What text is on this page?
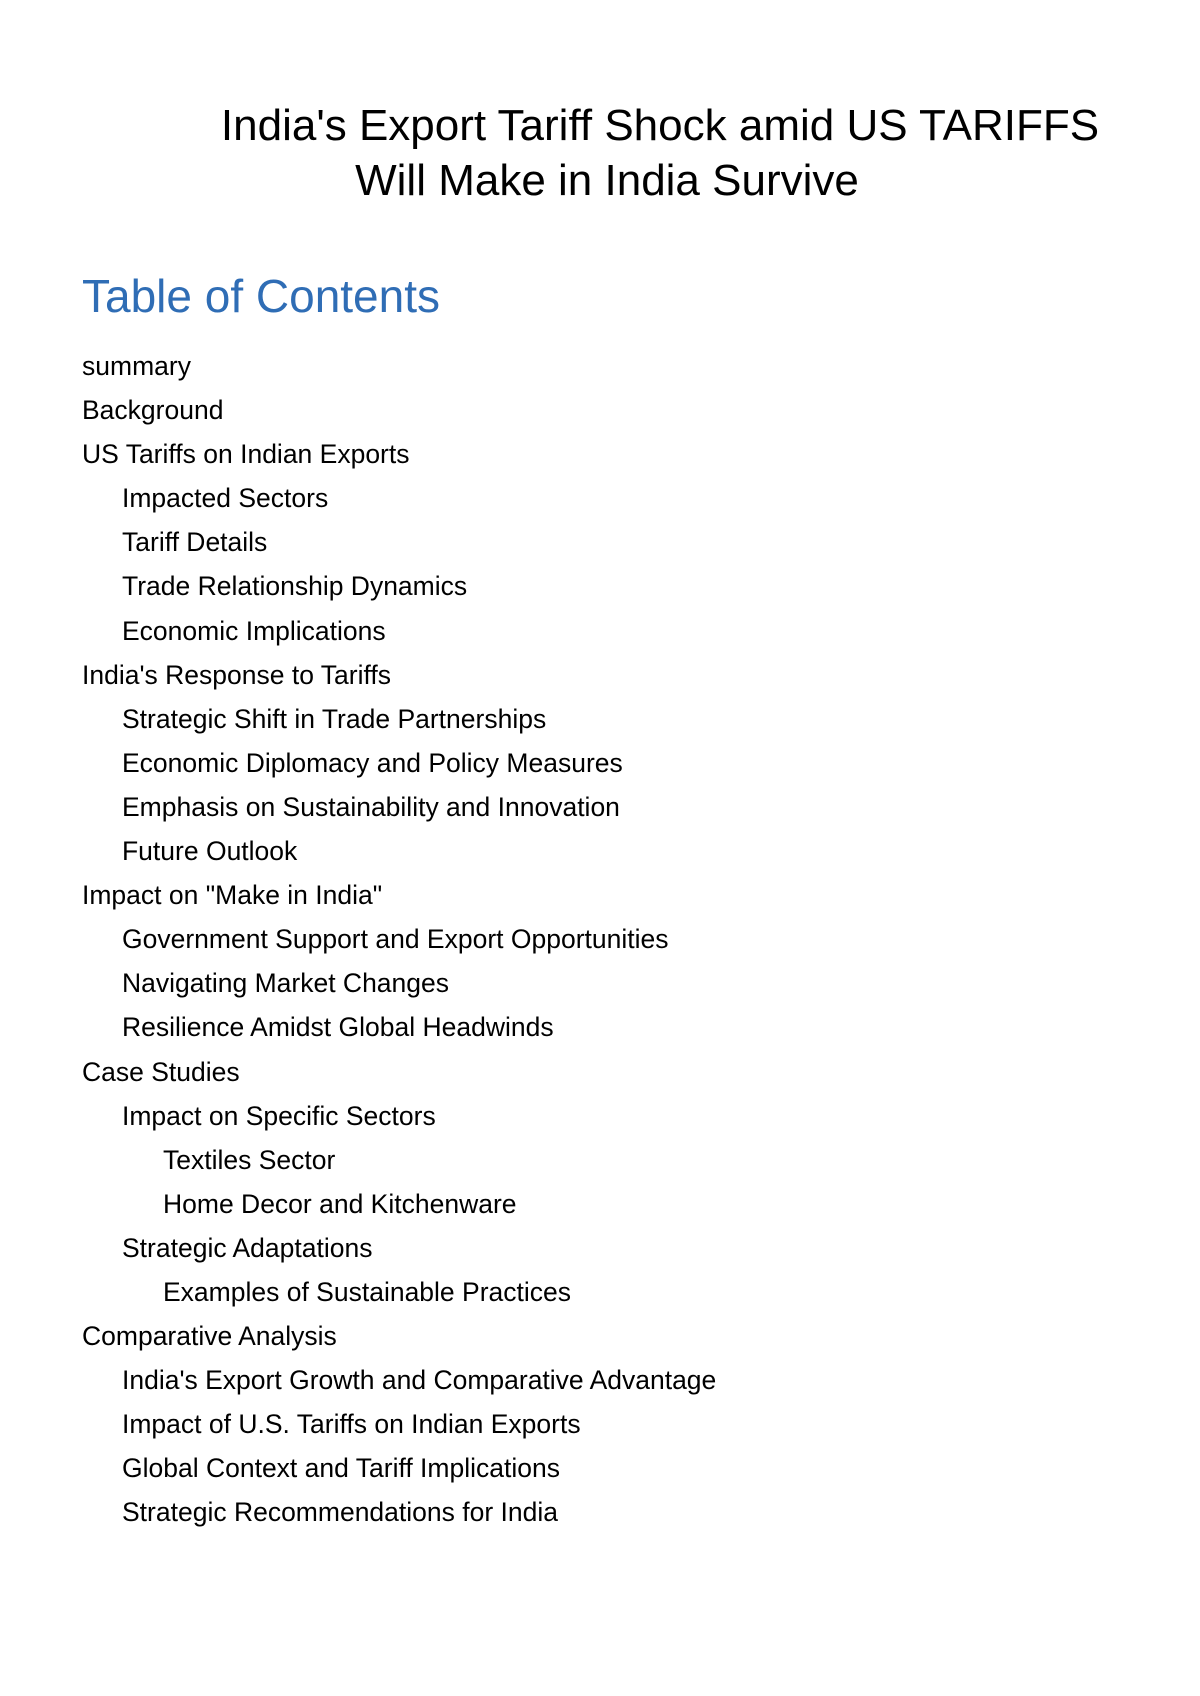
India's Export Tariff Shock amid US TARIFFS
Will Make in India Survive
Table of Contents
summary
Background
US Tariffs on Indian Exports
Impacted Sectors
Tariff Details
Trade Relationship Dynamics
Economic Implications
India's Response to Tariffs
Strategic Shift in Trade Partnerships
Economic Diplomacy and Policy Measures
Emphasis on Sustainability and Innovation
Future Outlook
Impact on "Make in India"
Government Support and Export Opportunities
Navigating Market Changes
Resilience Amidst Global Headwinds
Case Studies
Impact on Specific Sectors
Textiles Sector
Home Decor and Kitchenware
Strategic Adaptations
Examples of Sustainable Practices
Comparative Analysis
India's Export Growth and Comparative Advantage
Impact of U.S. Tariffs on Indian Exports
Global Context and Tariff Implications
Strategic Recommendations for India
